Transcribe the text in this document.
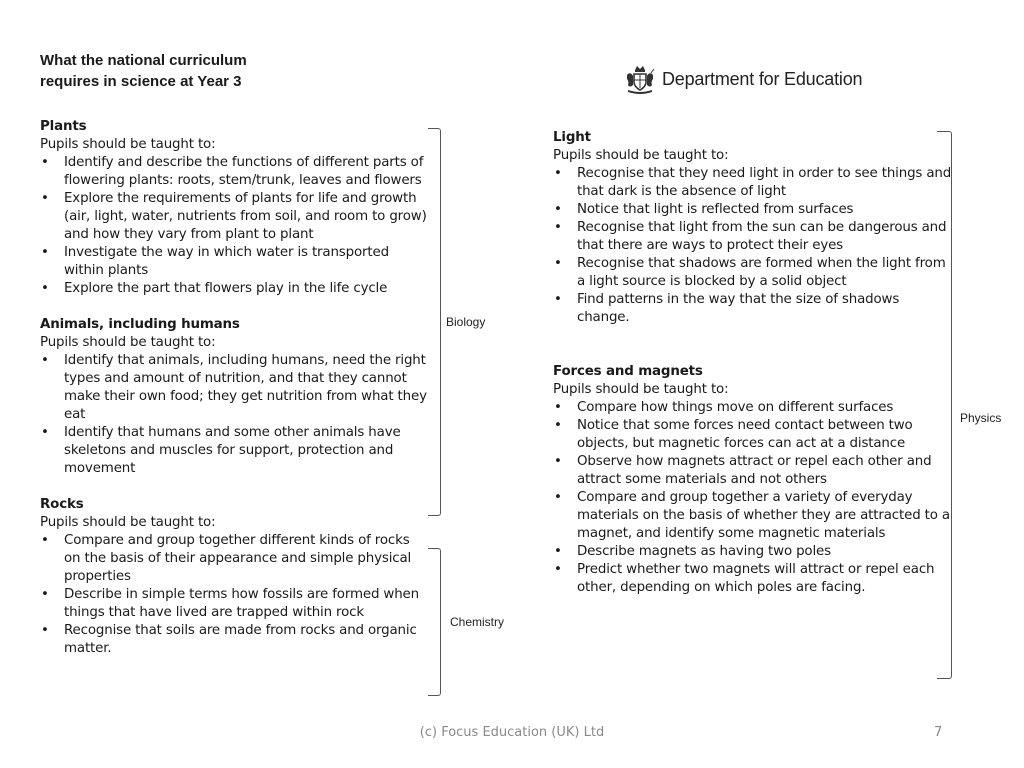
What the national curriculum
requires in science at Year 3	Department for Education
Plants
Pupils should be taught to:
• Identify and describe the functions of different parts of flowering plants: roots, stem/trunk, leaves and flowers
• Explore the requirements of plants for life and growth (air, light, water, nutrients from soil, and room to grow) and how they vary from plant to plant
• Investigate the way in which water is transported within plants
• Explore the part that flowers play in the life cycle
Animals, including humans
Pupils should be taught to:
• Identify that animals, including humans, need the right types and amount of nutrition, and that they cannot make their own food; they get nutrition from what they eat
• Identify that humans and some other animals have skeletons and muscles for support, protection and movement
Rocks
Pupils should be taught to:
• Compare and group together different kinds of rocks on the basis of their appearance and simple physical properties
• Describe in simple terms how fossils are formed when things that have lived are trapped within rock
• Recognise that soils are made from rocks and organic matter.
Light
Pupils should be taught to:
• Recognise that they need light in order to see things and that dark is the absence of light
• Notice that light is reflected from surfaces
• Recognise that light from the sun can be dangerous and that there are ways to protect their eyes
• Recognise that shadows are formed when the light from a light source is blocked by a solid object
• Find patterns in the way that the size of shadows change.
Forces and magnets
Pupils should be taught to:
• Compare how things move on different surfaces
• Notice that some forces need contact between two objects, but magnetic forces can act at a distance
• Observe how magnets attract or repel each other and attract some materials and not others
• Compare and group together a variety of everyday materials on the basis of whether they are attracted to a magnet, and identify some magnetic materials
• Describe magnets as having two poles
• Predict whether two magnets will attract or repel each other, depending on which poles are facing.
Biology
Chemistry
Physics
(c) Focus Education (UK) Ltd	7
